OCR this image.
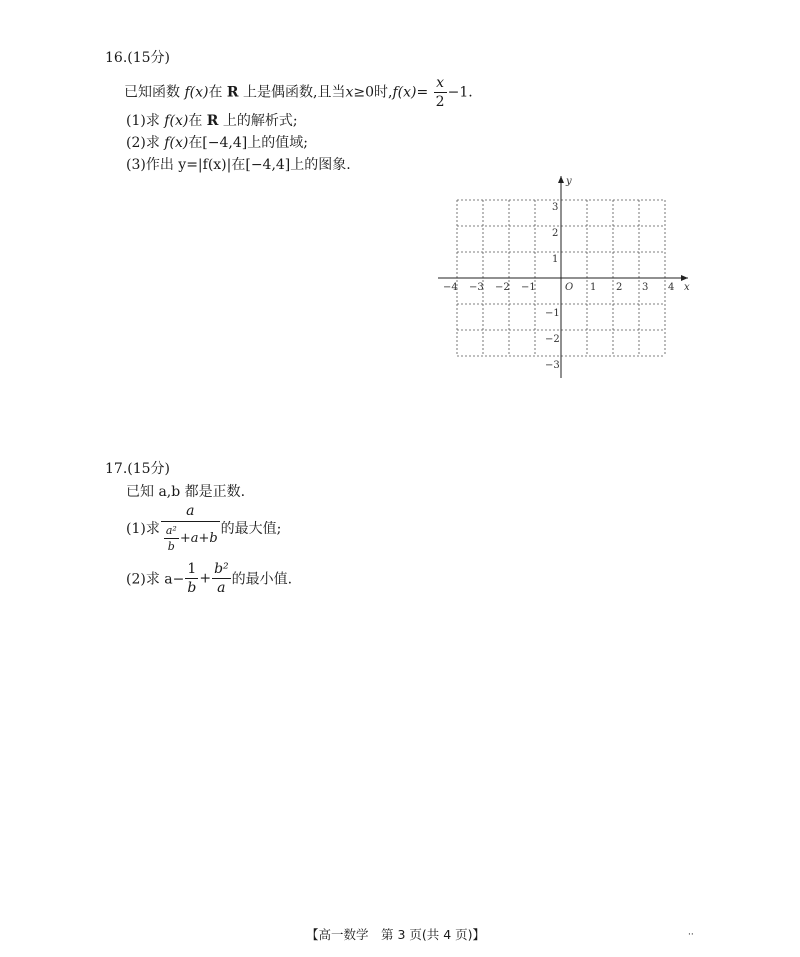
16.(15分)
已知函数 f(x)在 R 上是偶函数,且当x≥0时$,f(x)= \frac{x}{2} -1$.
(1)求 f(x)在 R 上的解析式;
(2)求 f(x)在[−4,4]上的值域;
(3)作出 y=|f(x)|在[−4,4]上的图象.
−4 −3 −2 −1	1 2 3 4
3
2
1
−1
−2
−3
O	x
y
17.(15分)
已知 a,b 都是正数.
(1)求 $\frac{a}{\frac{\text{a²}}{b} +a+b}$ 的最大值;
(2)求 $a- \frac{1}{b} + \frac{\text{b²}}{a}$ 的最小值.
【高一数学　第 3 页(共 4 页)】	··
